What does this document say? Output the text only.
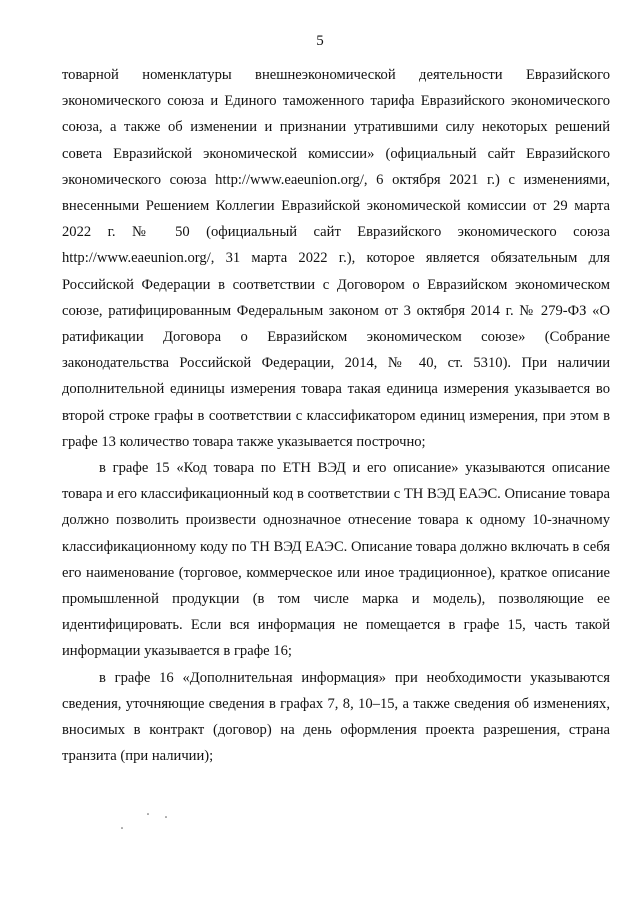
5

товарной номенклатуры внешнеэкономической деятельности Евразийского экономического союза и Единого таможенного тарифа Евразийского экономического союза, а также об изменении и признании утратившими силу некоторых решений совета Евразийской экономической комиссии» (официальный сайт Евразийского экономического союза http://www.eaeunion.org/, 6 октября 2021 г.) с изменениями, внесенными Решением Коллегии Евразийской экономической комиссии от 29 марта 2022 г. № 50 (официальный сайт Евразийского экономического союза http://www.eaeunion.org/, 31 марта 2022 г.), которое является обязательным для Российской Федерации в соответствии с Договором о Евразийском экономическом союзе, ратифицированным Федеральным законом от 3 октября 2014 г. № 279-ФЗ «О ратификации Договора о Евразийском экономическом союзе» (Собрание законодательства Российской Федерации, 2014, № 40, ст. 5310). При наличии дополнительной единицы измерения товара такая единица измерения указывается во второй строке графы в соответствии с классификатором единиц измерения, при этом в графе 13 количество товара также указывается построчно;

в графе 15 «Код товара по ЕТН ВЭД и его описание» указываются описание товара и его классификационный код в соответствии с ТН ВЭД ЕАЭС. Описание товара должно позволить произвести однозначное отнесение товара к одному 10-значному классификационному коду по ТН ВЭД ЕАЭС. Описание товара должно включать в себя его наименование (торговое, коммерческое или иное традиционное), краткое описание промышленной продукции (в том числе марка и модель), позволяющие ее идентифицировать. Если вся информация не помещается в графе 15, часть такой информации указывается в графе 16;

в графе 16 «Дополнительная информация» при необходимости указываются сведения, уточняющие сведения в графах 7, 8, 10–15, а также сведения об изменениях, вносимых в контракт (договор) на день оформления проекта разрешения, страна транзита (при наличии);
